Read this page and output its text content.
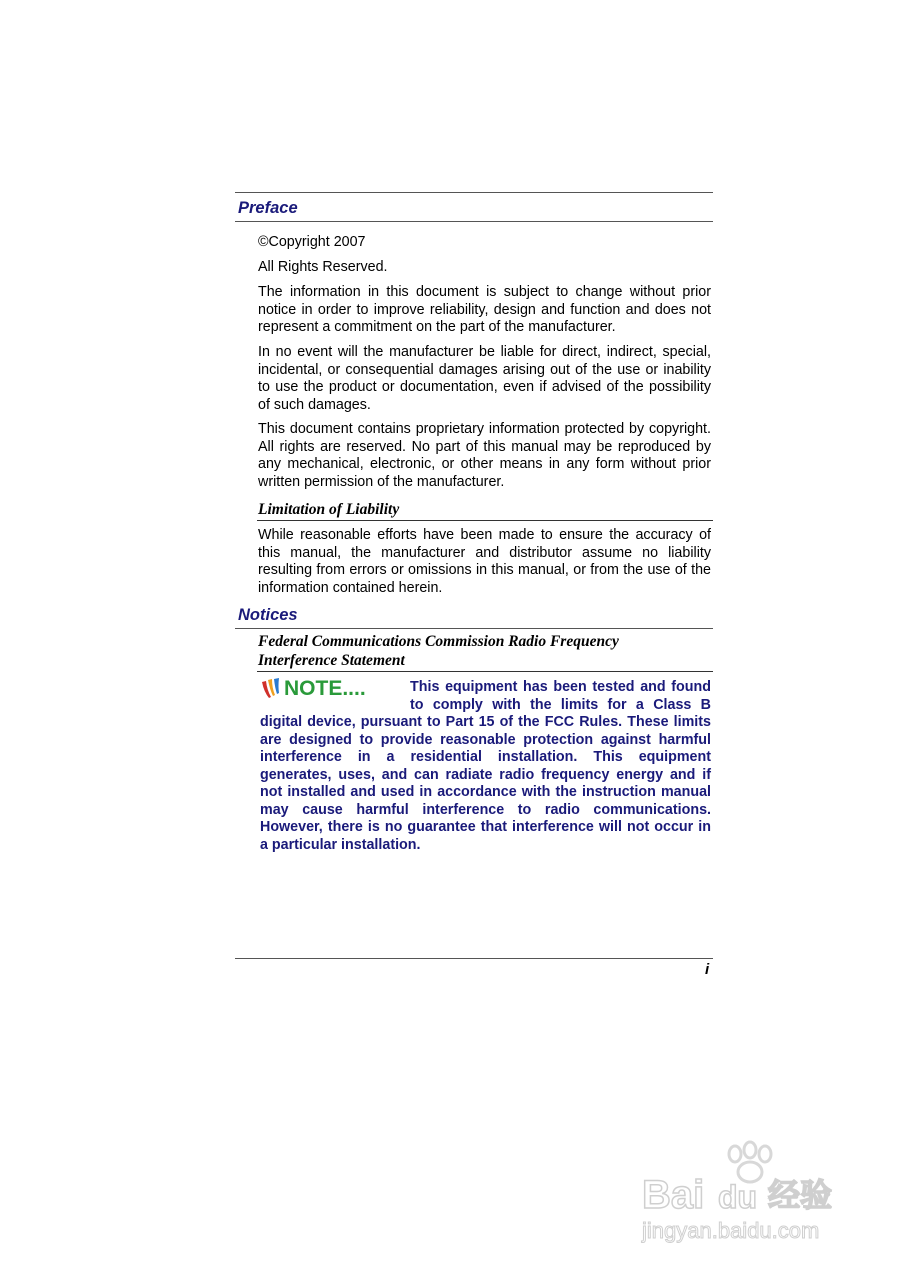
Preface

©Copyright 2007

All Rights Reserved.

The information in this document is subject to change without prior notice in order to improve reliability, design and function and does not represent a commitment on the part of the manufacturer.

In no event will the manufacturer be liable for direct, indirect, special, incidental, or consequential damages arising out of the use or inability to use the product or documentation, even if advised of the possibility of such damages.

This document contains proprietary information protected by copyright. All rights are reserved. No part of this manual may be reproduced by any mechanical, electronic, or other means in any form without prior written permission of the manufacturer.

Limitation of Liability

While reasonable efforts have been made to ensure the accuracy of this manual, the manufacturer and distributor assume no liability resulting from errors or omissions in this manual, or from the use of the information contained herein.

Notices
Federal Communications Commission Radio Frequency
Interference Statement
NOTE....	This equipment has been tested and found to comply with the limits for a Class B digital device, pursuant to Part 15 of the FCC Rules. These limits are designed to provide reasonable protection against harmful interference in a residential installation. This equipment generates, uses, and can radiate radio frequency energy and if not installed and used in accordance with the instruction manual may cause harmful interference to radio communications. However, there is no guarantee that interference will not occur in a particular installation.
i
Bai du 经验
jingyan.baidu.com
